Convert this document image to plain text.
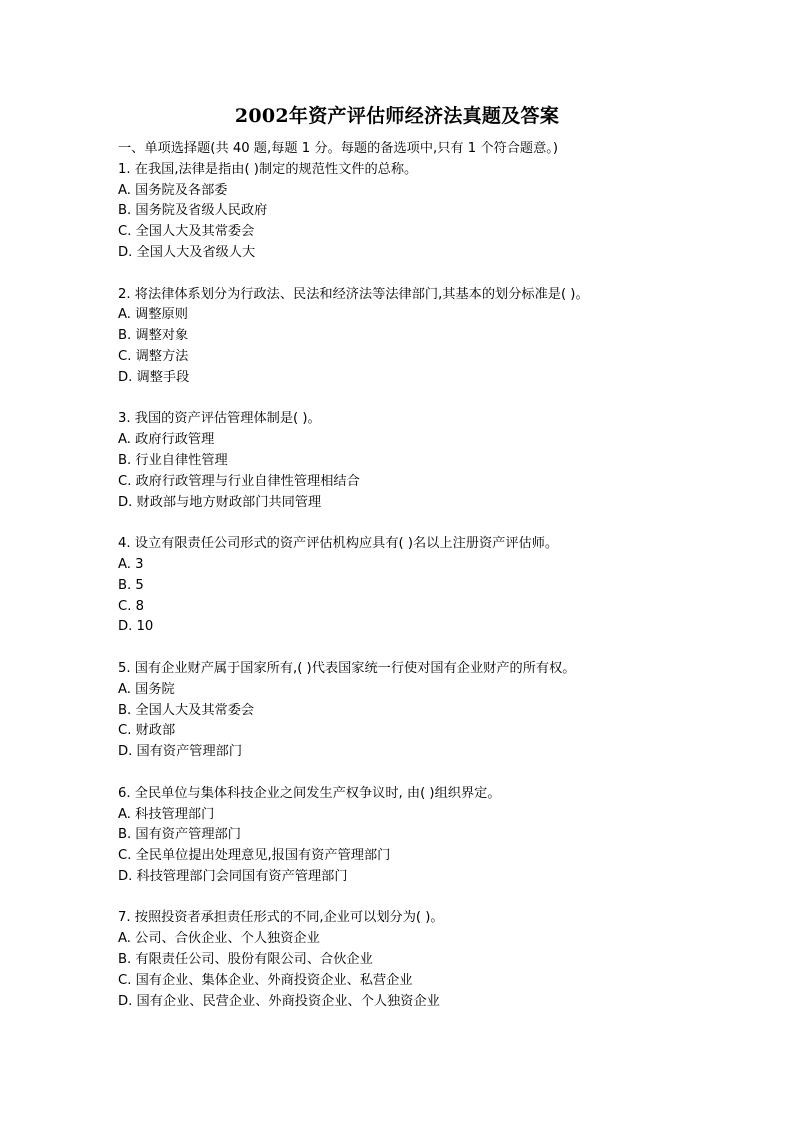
2002年资产评估师经济法真题及答案
一、单项选择题(共 40 题,每题 1 分。每题的备选项中,只有 1 个符合题意。)
1. 在我国,法律是指由( )制定的规范性文件的总称。
A. 国务院及各部委
B. 国务院及省级人民政府
C. 全国人大及其常委会
D. 全国人大及省级人大
2. 将法律体系划分为行政法、民法和经济法等法律部门,其基本的划分标准是( )。
A. 调整原则
B. 调整对象
C. 调整方法
D. 调整手段
3. 我国的资产评估管理体制是( )。
A. 政府行政管理
B. 行业自律性管理
C. 政府行政管理与行业自律性管理相结合
D. 财政部与地方财政部门共同管理
4. 设立有限责任公司形式的资产评估机构应具有( )名以上注册资产评估师。
A. 3
B. 5
C. 8
D. 10
5. 国有企业财产属于国家所有,( )代表国家统一行使对国有企业财产的所有权。
A. 国务院
B. 全国人大及其常委会
C. 财政部
D. 国有资产管理部门
6. 全民单位与集体科技企业之间发生产权争议时, 由( )组织界定。
A. 科技管理部门
B. 国有资产管理部门
C. 全民单位提出处理意见,报国有资产管理部门
D. 科技管理部门会同国有资产管理部门
7. 按照投资者承担责任形式的不同,企业可以划分为( )。
A. 公司、合伙企业、个人独资企业
B. 有限责任公司、股份有限公司、合伙企业
C. 国有企业、集体企业、外商投资企业、私营企业
D. 国有企业、民营企业、外商投资企业、个人独资企业
